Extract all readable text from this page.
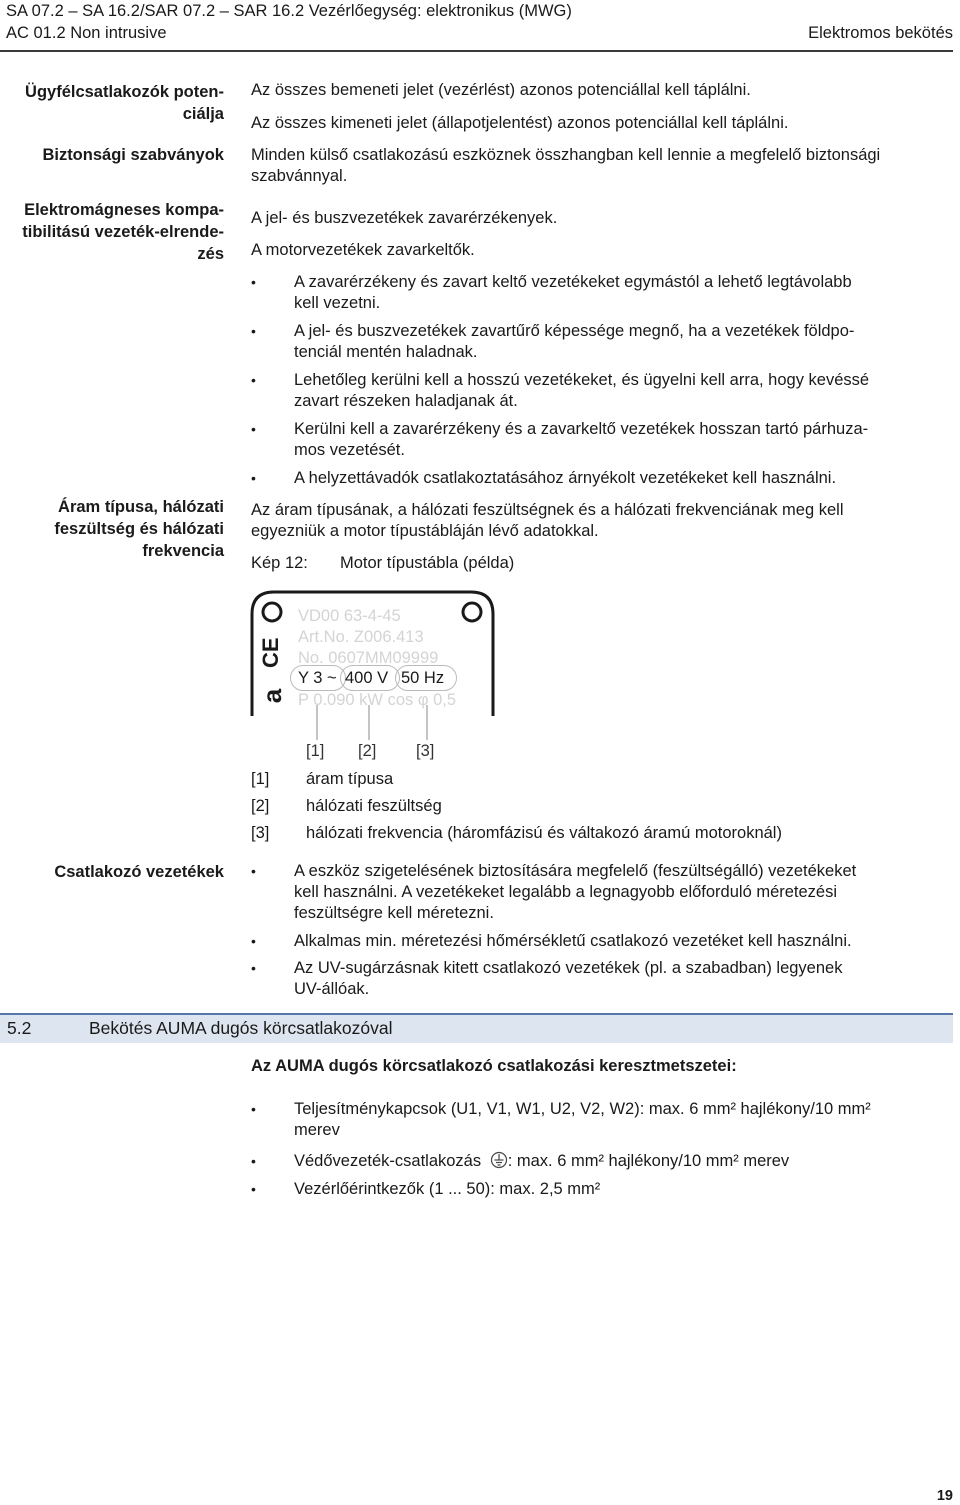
SA 07.2 – SA 16.2/SAR 07.2 – SAR 16.2 Vezérlőegység: elektronikus (MWG)
AC 01.2 Non intrusive	Elektromos bekötés
Ügyfélcsatlakozók poten-
ciálja
Biztonsági szabványok
Elektromágneses kompa-
tibilitású vezeték-elrende-
zés
Áram típusa, hálózati
feszültség és hálózati
frekvencia
Csatlakozó vezetékek
Az összes bemeneti jelet (vezérlést) azonos potenciállal kell táplálni.
Az összes kimeneti jelet (állapotjelentést) azonos potenciállal kell táplálni.
Minden külső csatlakozású eszköznek összhangban kell lennie a megfelelő biztonsági
szabvánnyal.
A jel- és buszvezetékek zavarérzékenyek.
A motorvezetékek zavarkeltők.
•
A zavarérzékeny és zavart keltő vezetékeket egymástól a lehető legtávolabb
kell vezetni.
•
A jel- és buszvezetékek zavartűrő képessége megnő, ha a vezetékek földpo-
tenciál mentén haladnak.
•
Lehetőleg kerülni kell a hosszú vezetékeket, és ügyelni kell arra, hogy kevéssé
zavart részeken haladjanak át.
•
Kerülni kell a zavarérzékeny és a zavarkeltő vezetékek hosszan tartó párhuza-
mos vezetését.
•
A helyzettávadók csatlakoztatásához árnyékolt vezetékeket kell használni.
Az áram típusának, a hálózati feszültségnek és a hálózati frekvenciának meg kell
egyezniük a motor típustábláján lévő adatokkal.
Kép 12: Motor típustábla (példa)
CE
a
VD00 63-4-45
Art.No. Z006.413
No. 0607MM09999
Y 3 ~ 400 V 50 Hz
P 0.090 kW cos φ 0,5
[1] [2] [3]
[1] áram típusa
[2] hálózati feszültség
[3] hálózati frekvencia (háromfázisú és váltakozó áramú motoroknál)
•
A eszköz szigetelésének biztosítására megfelelő (feszültségálló) vezetékeket
kell használni. A vezetékeket legalább a legnagyobb előforduló méretezési
feszültségre kell méretezni.
•
Alkalmas min. méretezési hőmérsékletű csatlakozó vezetéket kell használni.
•
Az UV-sugárzásnak kitett csatlakozó vezetékek (pl. a szabadban) legyenek
UV-állóak.
5.2	Bekötés AUMA dugós körcsatlakozóval
Az AUMA dugós körcsatlakozó csatlakozási keresztmetszetei:
•
Teljesítménykapcsok (U1, V1, W1, U2, V2, W2): max. 6 mm² hajlékony/10 mm²
merev
•
Védővezeték-csatlakozás : max. 6 mm² hajlékony/10 mm² merev
•
Vezérlőérintkezők (1 ... 50): max. 2,5 mm²
19
